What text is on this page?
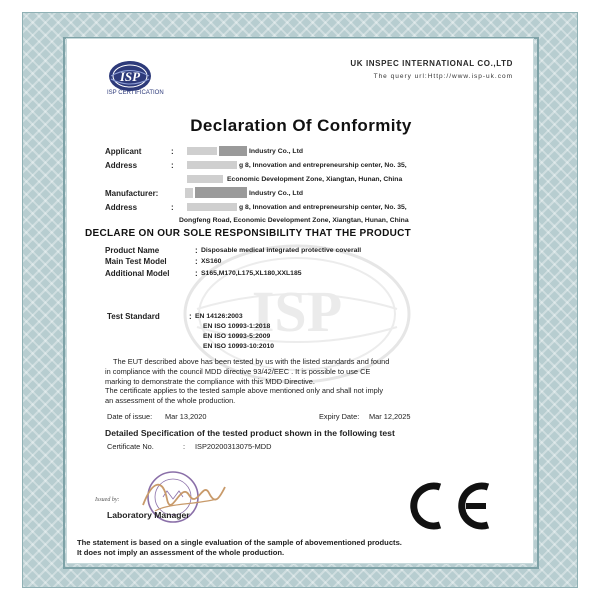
ISP
ISP
ISP CERTIFICATION
UK INSPEC INTERNATIONAL CO.,LTD
The query url:Http://www.isp-uk.com
Declaration Of Conformity
Applicant	:	Industry Co., Ltd
Address	:	g 8, Innovation and entrepreneurship center, No. 35,
Economic Development Zone, Xiangtan, Hunan, China
Manufacturer:	Industry Co., Ltd
Address	:	g 8, Innovation and entrepreneurship center, No. 35,
Dongfeng Road, Economic Development Zone, Xiangtan, Hunan, China
DECLARE ON OUR SOLE RESPONSIBILITY THAT THE PRODUCT
Product Name	: Disposable medical integrated protective coverall
Main Test Model	: XS160
Additional Model	: S165,M170,L175,XL180,XXL185
Test Standard	: EN 14126:2003
EN ISO 10993-1:2018
EN ISO 10993-5:2009
EN ISO 10993-10:2010

The EUT described above has been tested by us with the listed standards and found

in compliance with the council MDD directive 93/42/EEC . It is possible to use CE

marking to demonstrate the compliance with this MDD Directive.

The certificate applies to the tested sample above mentioned only and shall not imply

an assessment of the whole production.

Date of issue: Mar 13,2020	Expiry Date: Mar 12,2025
Detailed Specification of the tested product shown in the following test
Certificate No.	: ISP20200313075-MDD
Issued by:
Laboratory Manager

The statement is based on a single evaluation of the sample of abovementioned products.

It does not imply an assessment of the whole production.
